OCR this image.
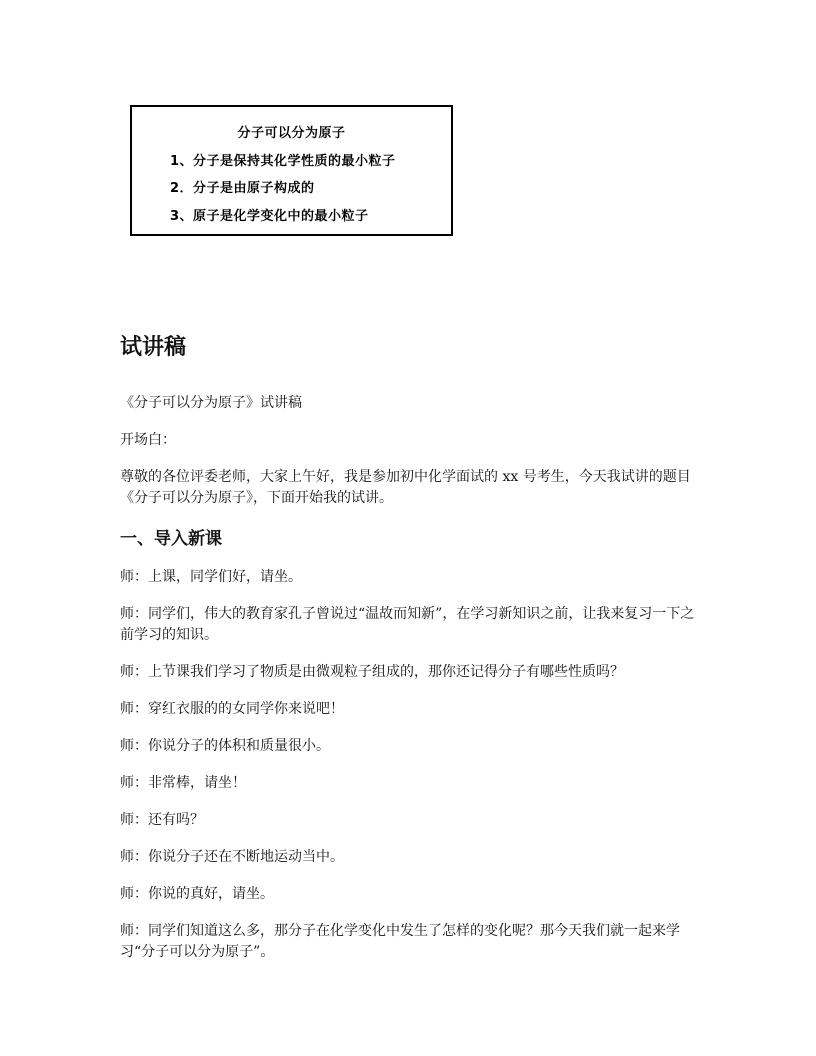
分子可以分为原子
1、分子是保持其化学性质的最小粒子
2．分子是由原子构成的
3、原子是化学变化中的最小粒子
试讲稿

《分子可以分为原子》试讲稿

开场白：

尊敬的各位评委老师，大家上午好，我是参加初中化学面试的 xx 号考生，今天我试讲的题目《分子可以分为原子》，下面开始我的试讲。

一、导入新课

师：上课，同学们好，请坐。

师：同学们，伟大的教育家孔子曾说过“温故而知新”，在学习新知识之前，让我来复习一下之前学习的知识。

师：上节课我们学习了物质是由微观粒子组成的，那你还记得分子有哪些性质吗？

师：穿红衣服的的女同学你来说吧！

师：你说分子的体积和质量很小。

师：非常棒，请坐！

师：还有吗？

师：你说分子还在不断地运动当中。

师：你说的真好，请坐。

师：同学们知道这么多，那分子在化学变化中发生了怎样的变化呢？那今天我们就一起来学习“分子可以分为原子”。
